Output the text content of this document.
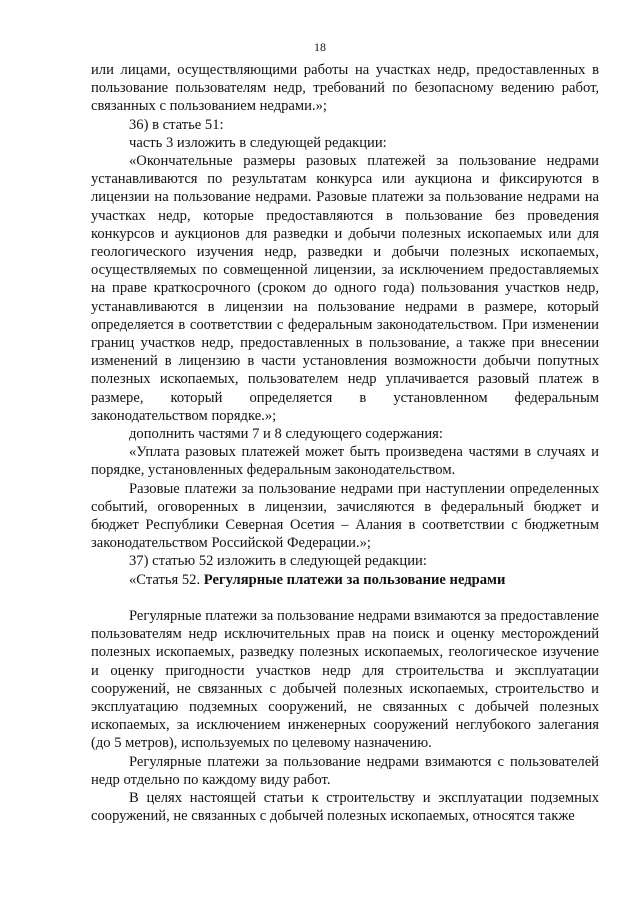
18

или лицами, осуществляющими работы на участках недр, предоставленных в пользование пользователям недр, требований по безопасному ведению работ, связанных с пользованием недрами.»;

36) в статье 51:

часть 3 изложить в следующей редакции:

«Окончательные размеры разовых платежей за пользование недрами устанавливаются по результатам конкурса или аукциона и фиксируются в лицензии на пользование недрами. Разовые платежи за пользование недрами на участках недр, которые предоставляются в пользование без проведения конкурсов и аукционов для разведки и добычи полезных ископаемых или для геологического изучения недр, разведки и добычи полезных ископаемых, осуществляемых по совмещенной лицензии, за исключением предоставляемых на праве краткосрочного (сроком до одного года) пользования участков недр, устанавливаются в лицензии на пользование недрами в размере, который определяется в соответствии с федеральным законодательством. При изменении границ участков недр, предоставленных в пользование, а также при внесении изменений в лицензию в части установления возможности добычи попутных полезных ископаемых, пользователем недр уплачивается разовый платеж в размере, который определяется в установленном федеральным законодательством порядке.»;

дополнить частями 7 и 8 следующего содержания:

«Уплата разовых платежей может быть произведена частями в случаях и порядке, установленных федеральным законодательством.

Разовые платежи за пользование недрами при наступлении определенных событий, оговоренных в лицензии, зачисляются в федеральный бюджет и бюджет Республики Северная Осетия – Алания в соответствии с бюджетным законодательством Российской Федерации.»;

37) статью 52 изложить в следующей редакции:

«Статья 52. Регулярные платежи за пользование недрами

Регулярные платежи за пользование недрами взимаются за предоставление пользователям недр исключительных прав на поиск и оценку месторождений полезных ископаемых, разведку полезных ископаемых, геологическое изучение и оценку пригодности участков недр для строительства и эксплуатации сооружений, не связанных с добычей полезных ископаемых, строительство и эксплуатацию подземных сооружений, не связанных с добычей полезных ископаемых, за исключением инженерных сооружений неглубокого залегания (до 5 метров), используемых по целевому назначению.

Регулярные платежи за пользование недрами взимаются с пользователей недр отдельно по каждому виду работ.

В целях настоящей статьи к строительству и эксплуатации подземных сооружений, не связанных с добычей полезных ископаемых, относятся также
